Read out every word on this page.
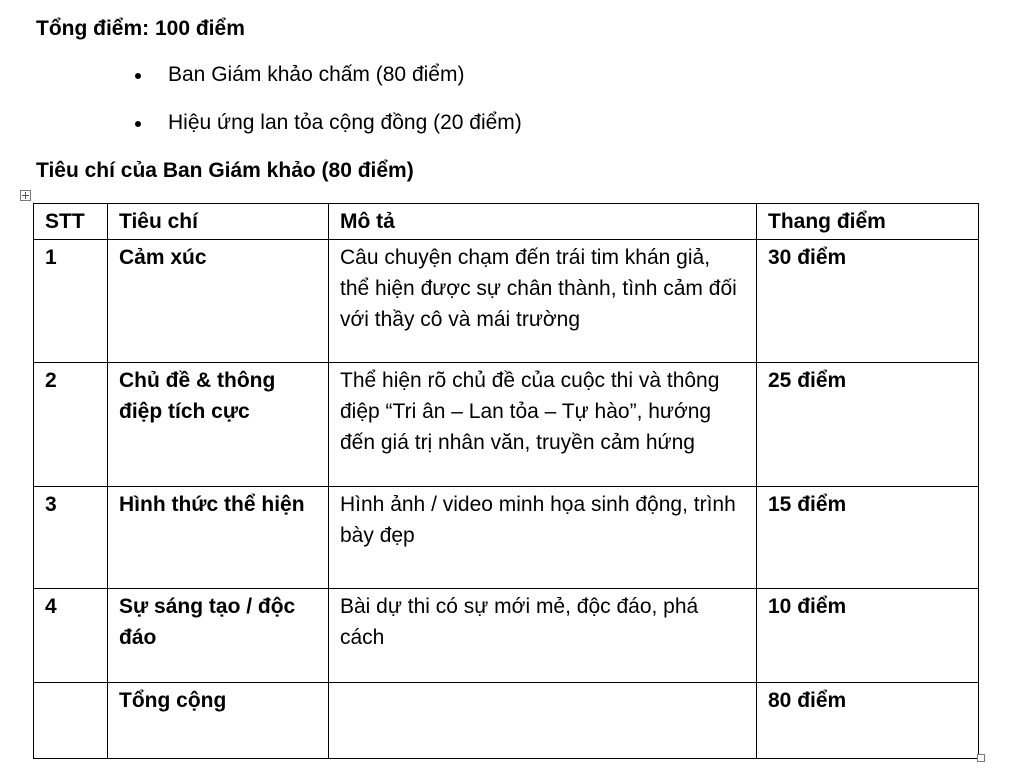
Tổng điểm: 100 điểm
Ban Giám khảo chấm (80 điểm)
Hiệu ứng lan tỏa cộng đồng (20 điểm)
Tiêu chí của Ban Giám khảo (80 điểm)
STT	Tiêu chí	Mô tả	Thang điểm
1	Cảm xúc	Câu chuyện chạm đến trái tim khán giả, thể hiện được sự chân thành, tình cảm đối với thầy cô và mái trường	30 điểm
2	Chủ đề & thông điệp tích cực	Thể hiện rõ chủ đề của cuộc thi và thông điệp “Tri ân – Lan tỏa – Tự hào”, hướng đến giá trị nhân văn, truyền cảm hứng	25 điểm
3	Hình thức thể hiện	Hình ảnh / video minh họa sinh động, trình bày đẹp	15 điểm
4	Sự sáng tạo / độc đáo	Bài dự thi có sự mới mẻ, độc đáo, phá cách	10 điểm
	Tổng cộng		80 điểm
